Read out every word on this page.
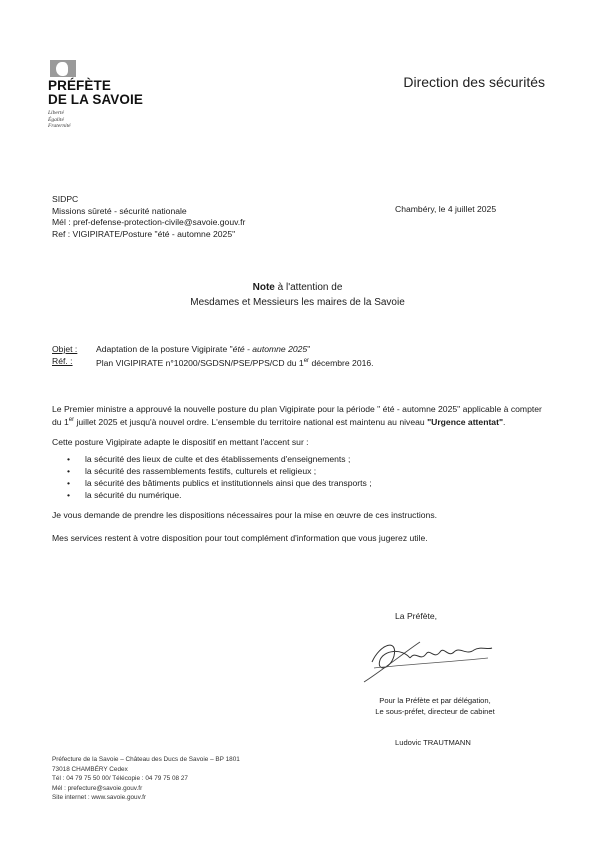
PRÉFÈTE
DE LA SAVOIE
Liberté
Égalité
Fraternité
Direction des sécurités
SIDPC
Missions sûreté - sécurité nationale
Mél : pref-defense-protection-civile@savoie.gouv.fr
Ref : VIGIPIRATE/Posture "été - automne 2025"
Chambéry, le 4 juillet 2025
Note à l'attention de
Mesdames et Messieurs les maires de la Savoie
Objet :	Adaptation de la posture Vigipirate "été - automne 2025"
Réf. :	Plan VIGIPIRATE n°10200/SGDSN/PSE/PPS/CD du 1er décembre 2016.

Le Premier ministre a approuvé la nouvelle posture du plan Vigipirate pour la période " été - automne 2025" applicable à compter du 1er juillet 2025 et jusqu'à nouvel ordre. L'ensemble du territoire national est maintenu au niveau "Urgence attentat".

Cette posture Vigipirate adapte le dispositif en mettant l'accent sur :

•	la sécurité des lieux de culte et des établissements d'enseignements ;
•	la sécurité des rassemblements festifs, culturels et religieux ;
•	la sécurité des bâtiments publics et institutionnels ainsi que des transports ;
•	la sécurité du numérique.

Je vous demande de prendre les dispositions nécessaires pour la mise en œuvre de ces instructions.

Mes services restent à votre disposition pour tout complément d'information que vous jugerez utile.

La Préfète,
Pour la Préfète et par délégation,
Le sous-préfet, directeur de cabinet
Ludovic TRAUTMANN
Préfecture de la Savoie – Château des Ducs de Savoie – BP 1801
73018 CHAMBÉRY Cedex
Tél : 04 79 75 50 00/ Télécopie : 04 79 75 08 27
Mél : prefecture@savoie.gouv.fr
Site internet : www.savoie.gouv.fr
